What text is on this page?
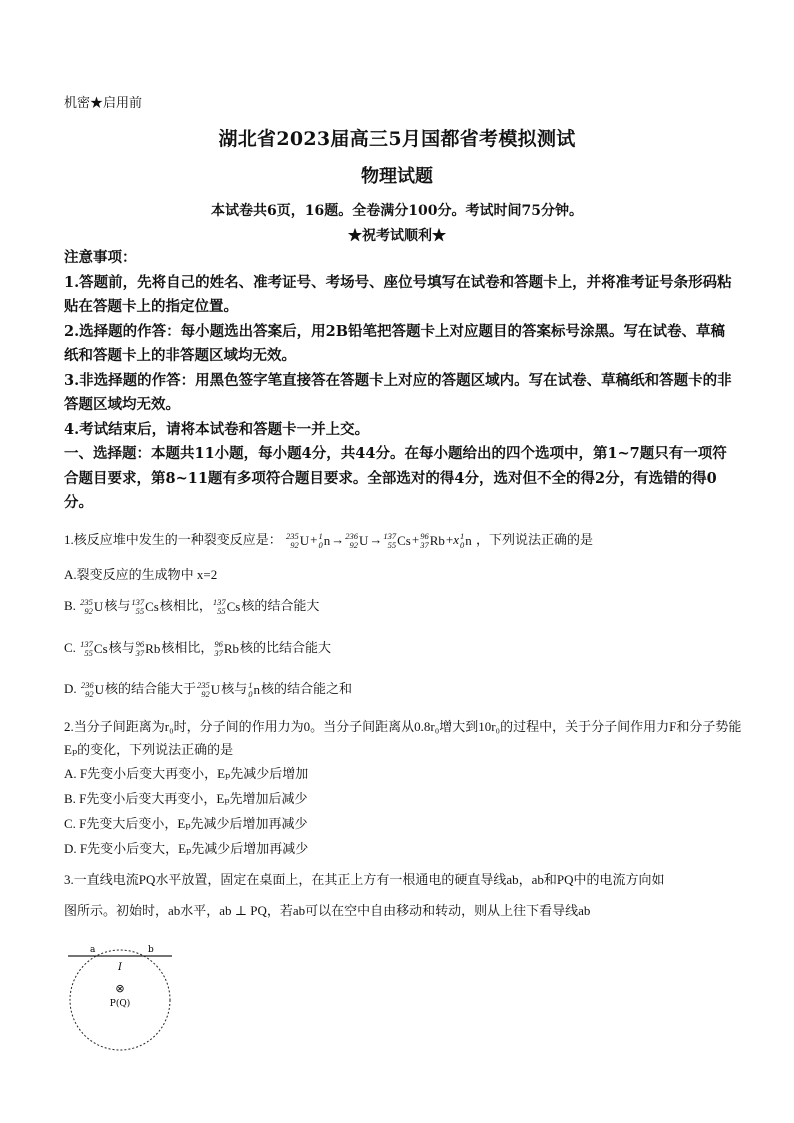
机密★启用前
湖北省2023届高三5月国都省考模拟测试
物理试题
本试卷共6页，16题。全卷满分100分。考试时间75分钟。
★祝考试顺利★

注意事项：

1.答题前，先将自己的姓名、准考证号、考场号、座位号填写在试卷和答题卡上，并将准考证号条形码粘贴在答题卡上的指定位置。

2.选择题的作答：每小题选出答案后，用2B铅笔把答题卡上对应题目的答案标号涂黑。写在试卷、草稿纸和答题卡上的非答题区域均无效。

3.非选择题的作答：用黑色签字笔直接答在答题卡上对应的答题区域内。写在试卷、草稿纸和答题卡的非答题区域均无效。

4.考试结束后，请将本试卷和答题卡一并上交。

一、选择题：本题共11小题，每小题4分，共44分。在每小题给出的四个选项中，第1~7题只有一项符合题目要求，第8~11题有多项符合题目要求。全部选对的得4分，选对但不全的得2分，有选错的得0分。

1.核反应堆中发生的一种裂变反应是： 235
92 U + 1
0 n → 236
92 U → 137
55 Cs + 96
37 Rb +x 1
0 n ，下列说法正确的是

A.裂变反应的生成物中 x=2
B. 235
92 U 核与 137
55 Cs 核相比， 137
55 Cs 核的结合能大
C. 137
55 Cs 核与 96
37 Rb 核相比， 96
37 Rb 核的比结合能大
D. 236
92 U 核的结合能大于 235
92 U 核与 1
0 n 核的结合能之和

2.当分子间距离为r₀时，分子间的作用力为0。当分子间距离从0.8r₀增大到10r₀的过程中，关于分子间作用力F和分子势能Eₚ的变化，下列说法正确的是

A. F先变小后变大再变小，Eₚ先减少后增加

B. F先变小后变大再变小，Eₚ先增加后减少

C. F先变大后变小，Eₚ先减少后增加再减少

D. F先变小后变大，Eₚ先减少后增加再减少

3.一直线电流PQ水平放置，固定在桌面上，在其正上方有一根通电的硬直导线ab，ab和PQ中的电流方向如

图所示。初始时，ab水平，ab ⊥ PQ，若ab可以在空中自由移动和转动，则从上往下看导线ab

a	b
I
⊗
P(Q)
